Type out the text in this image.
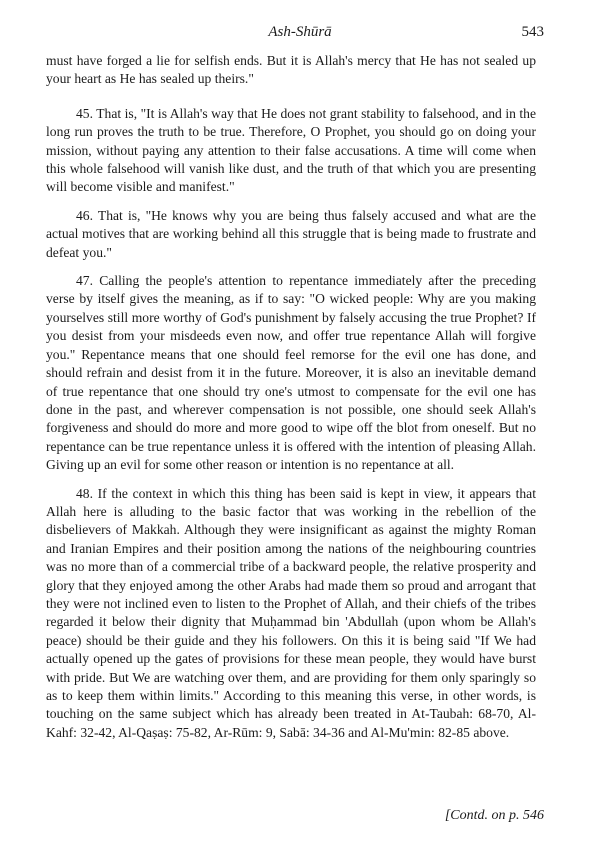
Ash-Shūrā	543

must have forged a lie for selfish ends. But it is Allah's mercy that He has not sealed up your heart as He has sealed up theirs."

45. That is, "It is Allah's way that He does not grant stability to falsehood, and in the long run proves the truth to be true. Therefore, O Prophet, you should go on doing your mission, without paying any attention to their false accusations. A time will come when this whole falsehood will vanish like dust, and the truth of that which you are presenting will become visible and manifest."

46. That is, "He knows why you are being thus falsely accused and what are the actual motives that are working behind all this struggle that is being made to frustrate and defeat you."

47. Calling the people's attention to repentance immediately after the preceding verse by itself gives the meaning, as if to say: "O wicked people: Why are you making yourselves still more worthy of God's punishment by falsely accusing the true Prophet? If you desist from your misdeeds even now, and offer true repentance Allah will forgive you." Repentance means that one should feel remorse for the evil one has done, and should refrain and desist from it in the future. Moreover, it is also an inevitable demand of true repentance that one should try one's utmost to compensate for the evil one has done in the past, and wherever compensation is not possible, one should seek Allah's forgiveness and should do more and more good to wipe off the blot from oneself. But no repentance can be true repentance unless it is offered with the intention of pleasing Allah. Giving up an evil for some other reason or intention is no repentance at all.

48. If the context in which this thing has been said is kept in view, it appears that Allah here is alluding to the basic factor that was working in the rebellion of the disbelievers of Makkah. Although they were insignificant as against the mighty Roman and Iranian Empires and their position among the nations of the neighbouring countries was no more than of a commercial tribe of a backward people, the relative prosperity and glory that they enjoyed among the other Arabs had made them so proud and arrogant that they were not inclined even to listen to the Prophet of Allah, and their chiefs of the tribes regarded it below their dignity that Muḥammad bin 'Abdullah (upon whom be Allah's peace) should be their guide and they his followers. On this it is being said "If We had actually opened up the gates of provisions for these mean people, they would have burst with pride. But We are watching over them, and are providing for them only sparingly so as to keep them within limits." According to this meaning this verse, in other words, is touching on the same subject which has already been treated in At-Taubah: 68-70, Al-Kahf: 32-42, Al-Qaṣaṣ: 75-82, Ar-Rūm: 9, Sabā: 34-36 and Al-Mu'min: 82-85 above.

[Contd. on p. 546
